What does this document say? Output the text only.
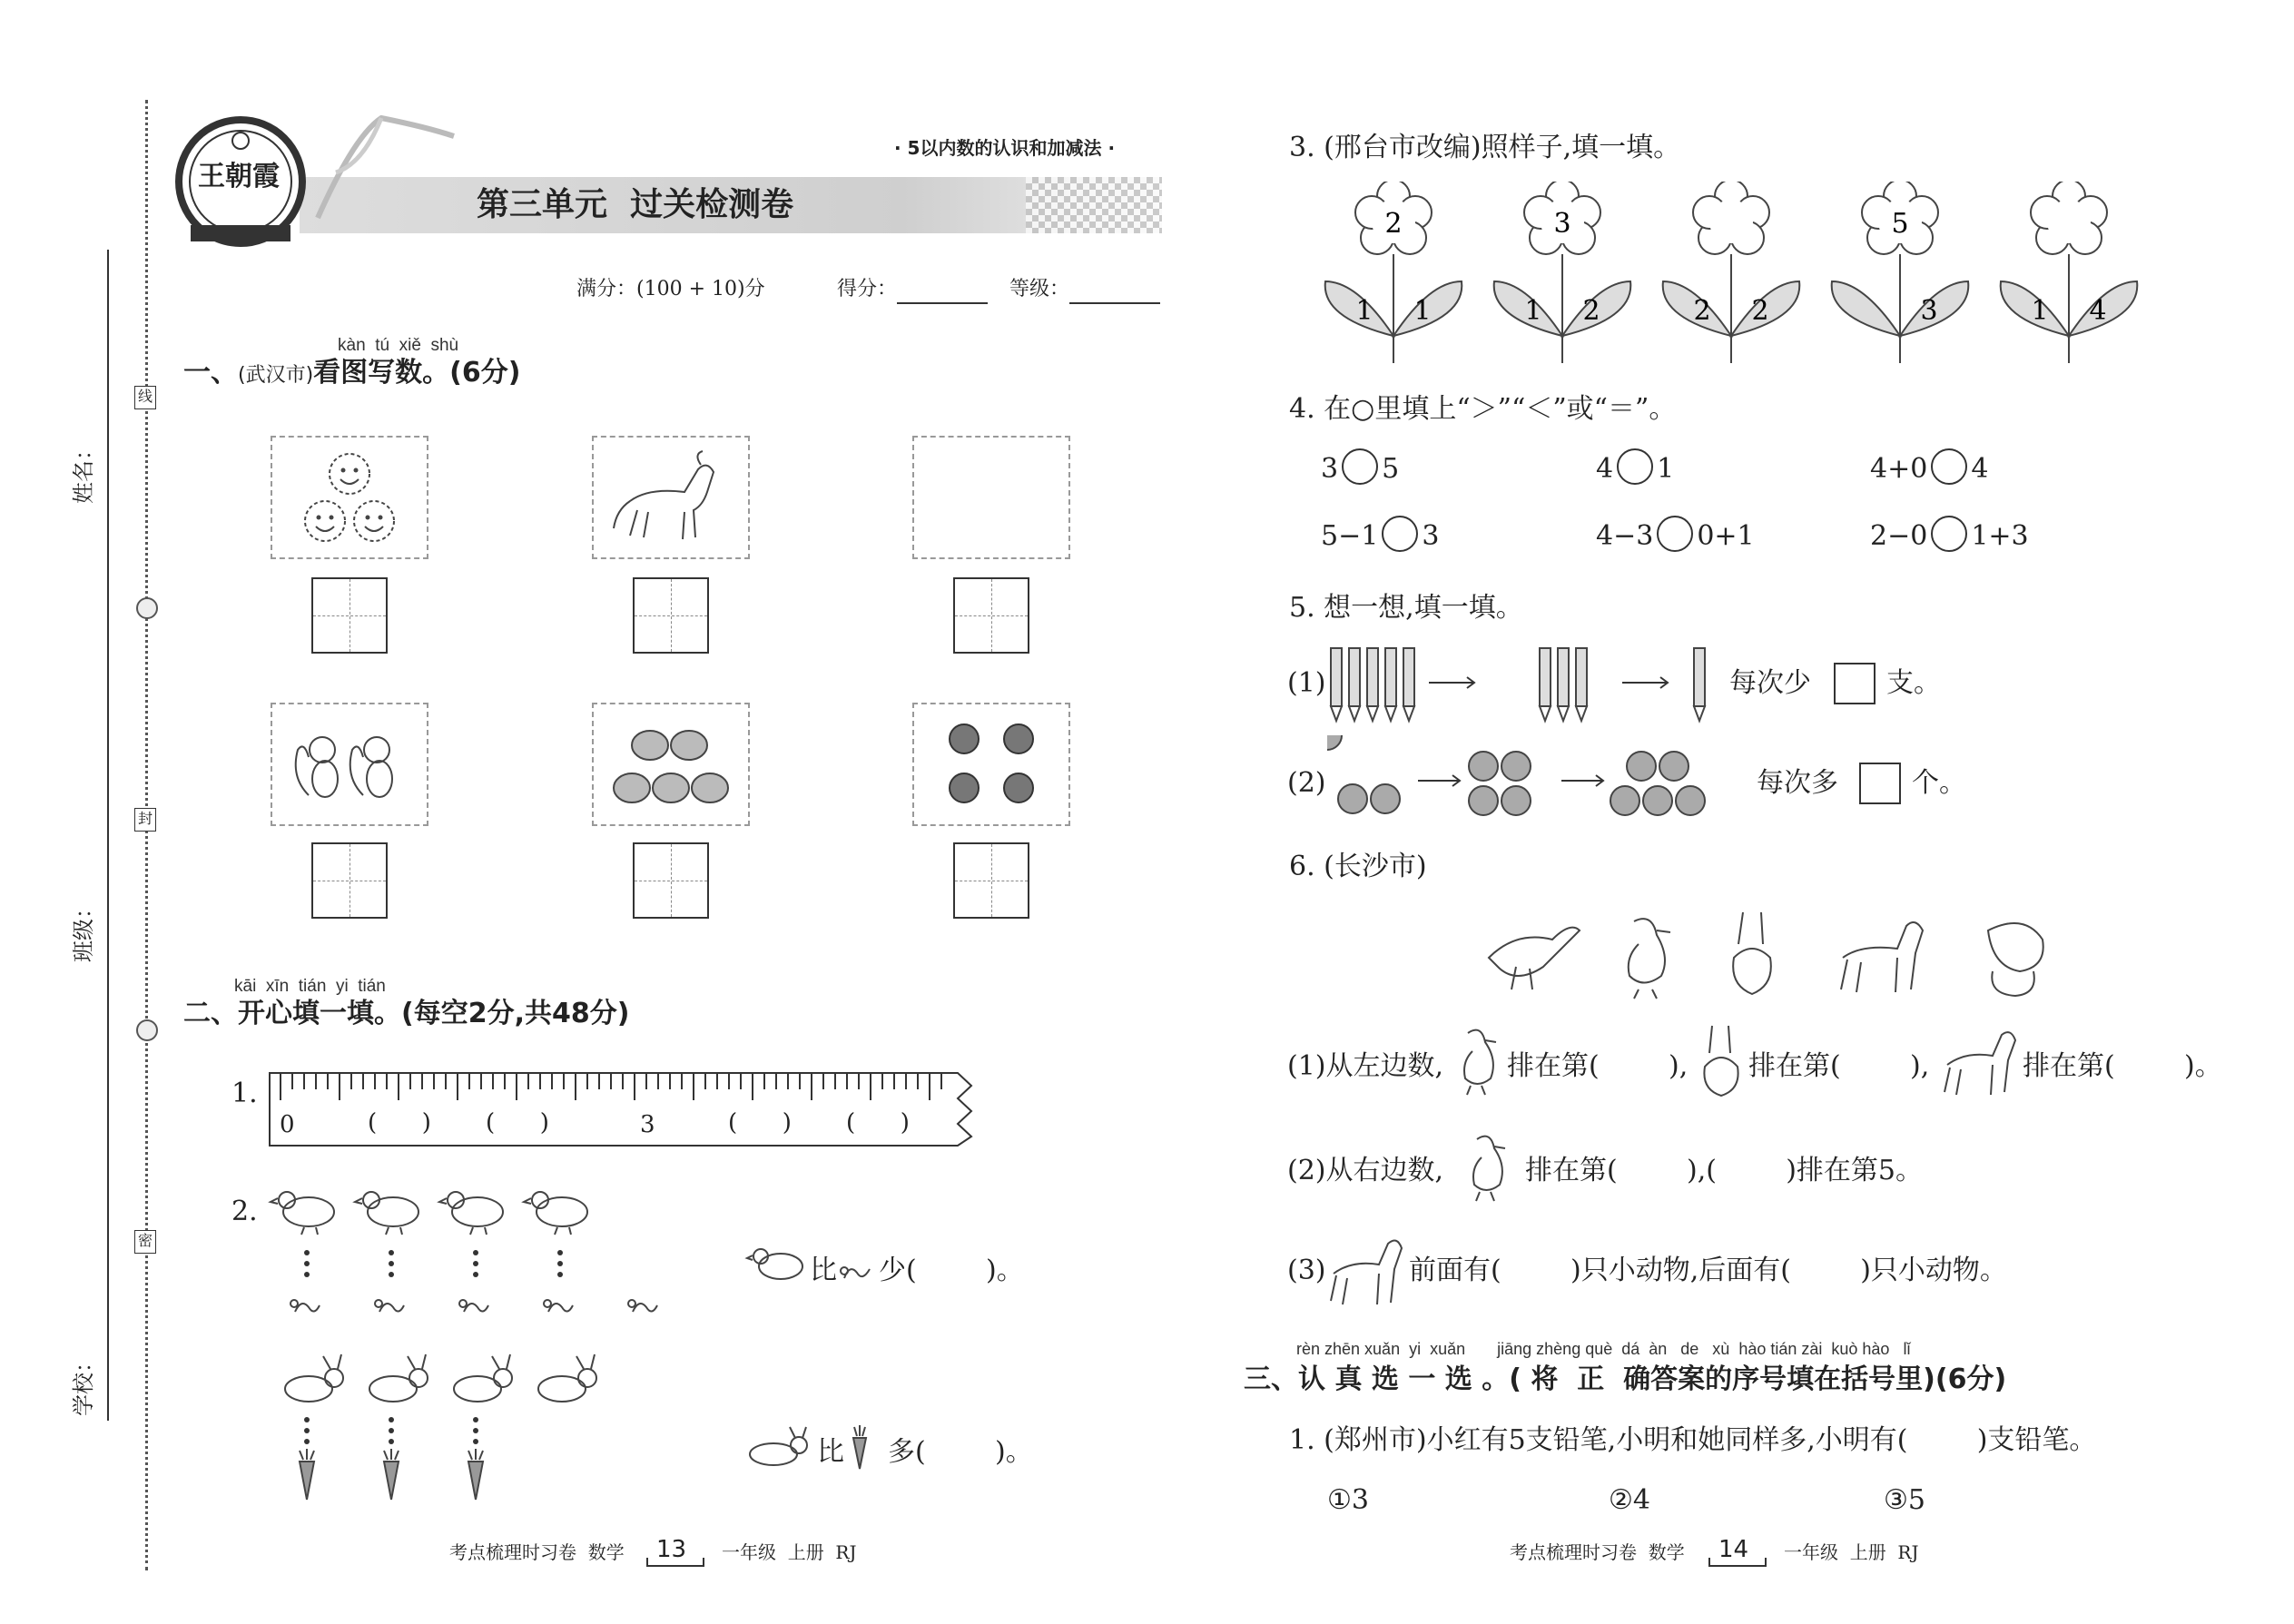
姓名：
班级：
学校：
线
封
密
王朝霞
· 5以内数的认识和加减法 ·
第三单元  过关检测卷
满分：(100 + 10)分	得分：	等级：
kàn  tú  xiě  shù
一、(武汉市)看图写数。(6分)
kāi  xīn  tián  yi  tián
二、开心填一填。(每空2分,共48分)
1.
0	(      ) (      )	3	(      ) (      )
2.
比 少(        )。
比 多(        )。
考点梳理时习卷  数学 13 一年级  上册  RJ
3. (邢台市改编)照样子,填一填。
2
1 1
3
1 2	2 2
5
3	1 4
4. 在○里填上“＞”“＜”或“＝”。
3 5	4 1	4+0 4
5−1 3	4−3 0+1	2−0 1+3
5. 想一想,填一填。
(1)	每次少	支。
(2)	每次多	个。
6. (长沙市)
(1)从左边数, 排在第(        ), 排在第(        ),	排在第(        )。
(2)从右边数,	排在第(        ),(        )排在第5。
(3)	前面有(        )只小动物,后面有(        )只小动物。
rèn zhēn xuǎn  yi  xuǎn       jiāng zhèng què  dá  àn   de   xù  hào tián zài  kuò hào   lǐ
三、认 真 选 一 选 。( 将  正  确答案的序号填在括号里)(6分)
1. (郑州市)小红有5支铅笔,小明和她同样多,小明有(        )支铅笔。
①3	②4	③5
考点梳理时习卷  数学 14 一年级  上册  RJ
